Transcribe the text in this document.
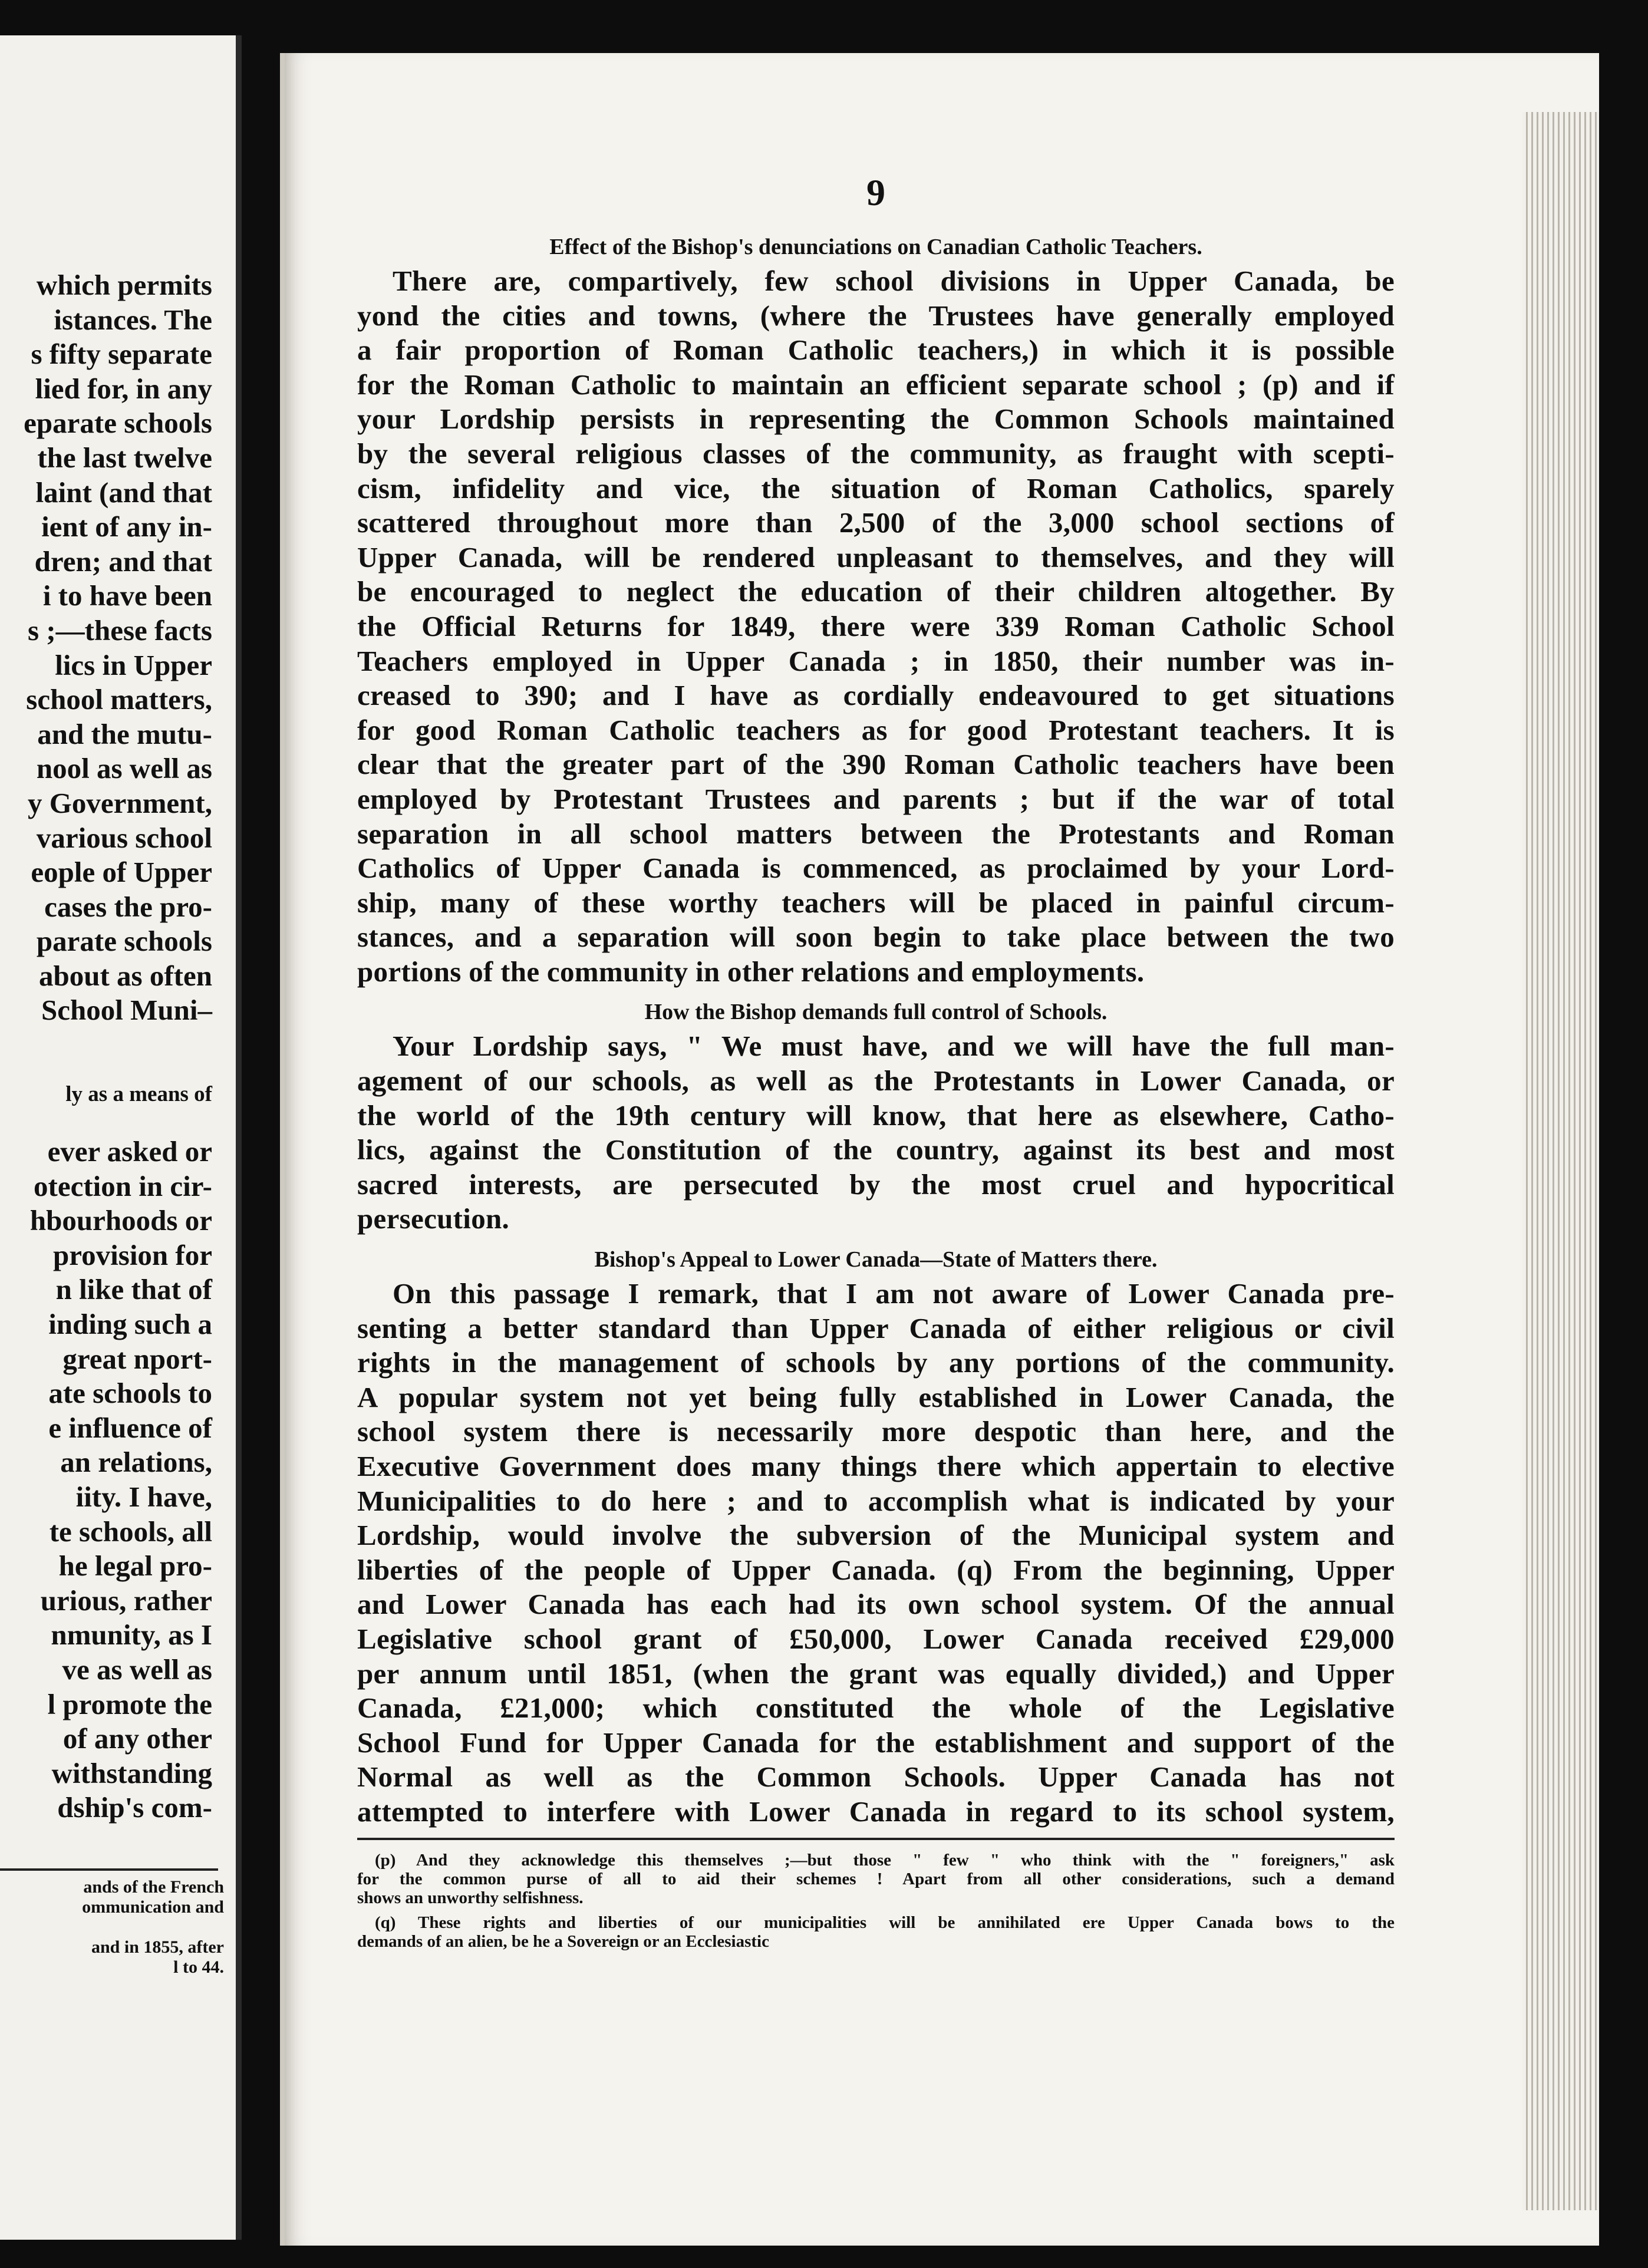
which permits
istances. The
s fifty separate
lied for, in any
eparate schools
the last twelve
laint (and that
ient of any in-
dren; and that
i to have been
s ;—these facts
lics in Upper
school matters,
and the mutu-
nool as well as
y Government,
various school
eople of Upper
cases the pro-
parate schools
about as often
School Muni–
ly as a means of
ever asked or
otection in cir-
hbourhoods or
provision for
n like that of
inding such a
great nport-
ate schools to
e influence of
an relations,
iity. I have,
te schools, all
he legal pro-
urious, rather
nmunity, as I
ve as well as
l promote the
of any other
withstanding
dship's com-
ands of the French
ommunication and

and in 1855, after
l to 44.
9
Effect of the Bishop's denunciations on Canadian Catholic Teachers.
There are, compartively, few school divisions in Upper Canada, be
yond the cities and towns, (where the Trustees have generally employed
a fair proportion of Roman Catholic teachers,) in which it is possible
for the Roman Catholic to maintain an efficient separate school ; (p) and if
your Lordship persists in representing the Common Schools maintained
by the several religious classes of the community, as fraught with scepti-
cism, infidelity and vice, the situation of Roman Catholics, sparely
scattered throughout more than 2,500 of the 3,000 school sections of
Upper Canada, will be rendered unpleasant to themselves, and they will
be encouraged to neglect the education of their children altogether. By
the Official Returns for 1849, there were 339 Roman Catholic School
Teachers employed in Upper Canada ; in 1850, their number was in-
creased to 390; and I have as cordially endeavoured to get situations
for good Roman Catholic teachers as for good Protestant teachers. It is
clear that the greater part of the 390 Roman Catholic teachers have been
employed by Protestant Trustees and parents ; but if the war of total
separation in all school matters between the Protestants and Roman
Catholics of Upper Canada is commenced, as proclaimed by your Lord-
ship, many of these worthy teachers will be placed in painful circum-
stances, and a separation will soon begin to take place between the two
portions of the community in other relations and employments.
How the Bishop demands full control of Schools.
Your Lordship says, " We must have, and we will have the full man-
agement of our schools, as well as the Protestants in Lower Canada, or
the world of the 19th century will know, that here as elsewhere, Catho-
lics, against the Constitution of the country, against its best and most
sacred interests, are persecuted by the most cruel and hypocritical
persecution.
Bishop's Appeal to Lower Canada—State of Matters there.
On this passage I remark, that I am not aware of Lower Canada pre-
senting a better standard than Upper Canada of either religious or civil
rights in the management of schools by any portions of the community.
A popular system not yet being fully established in Lower Canada, the
school system there is necessarily more despotic than here, and the
Executive Government does many things there which appertain to elective
Municipalities to do here ; and to accomplish what is indicated by your
Lordship, would involve the subversion of the Municipal system and
liberties of the people of Upper Canada. (q) From the beginning, Upper
and Lower Canada has each had its own school system. Of the annual
Legislative school grant of £50,000, Lower Canada received £29,000
per annum until 1851, (when the grant was equally divided,) and Upper
Canada, £21,000; which constituted the whole of the Legislative
School Fund for Upper Canada for the establishment and support of the
Normal as well as the Common Schools. Upper Canada has not
attempted to interfere with Lower Canada in regard to its school system,
(p) And they acknowledge this themselves ;—but those " few " who think with the " foreigners," ask
for the common purse of all to aid their schemes ! Apart from all other considerations, such a demand
shows an unworthy selfishness.
(q) These rights and liberties of our municipalities will be annihilated ere Upper Canada bows to the
demands of an alien, be he a Sovereign or an Ecclesiastic
